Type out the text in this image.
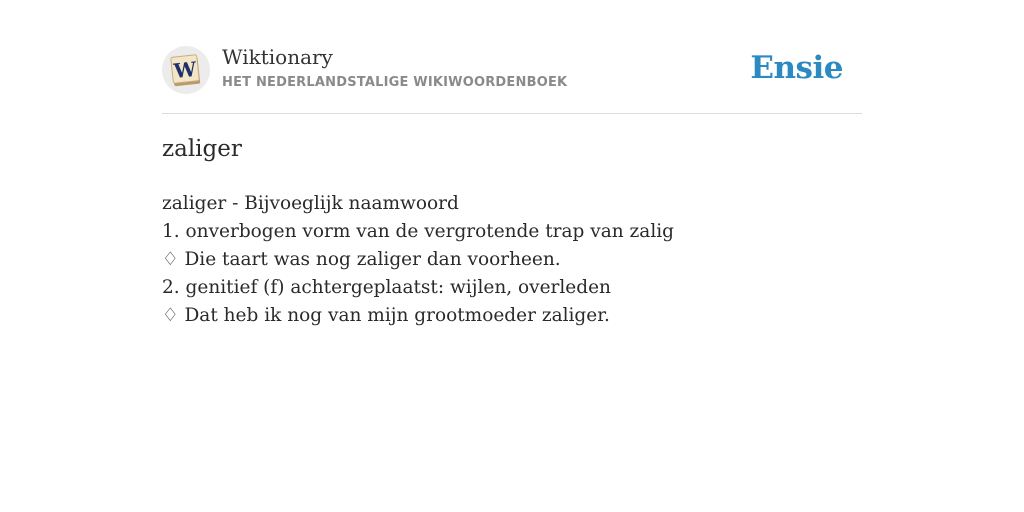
W Wiktionary
HET NEDERLANDSTALIGE WIKIWOORDENBOEK	Ensie
zaliger
zaliger - Bijvoeglijk naamwoord
1. onverbogen vorm van de vergrotende trap van zalig
♢ Die taart was nog zaliger dan voorheen.
2. genitief (f) achtergeplaatst: wijlen, overleden
♢ Dat heb ik nog van mijn grootmoeder zaliger.
